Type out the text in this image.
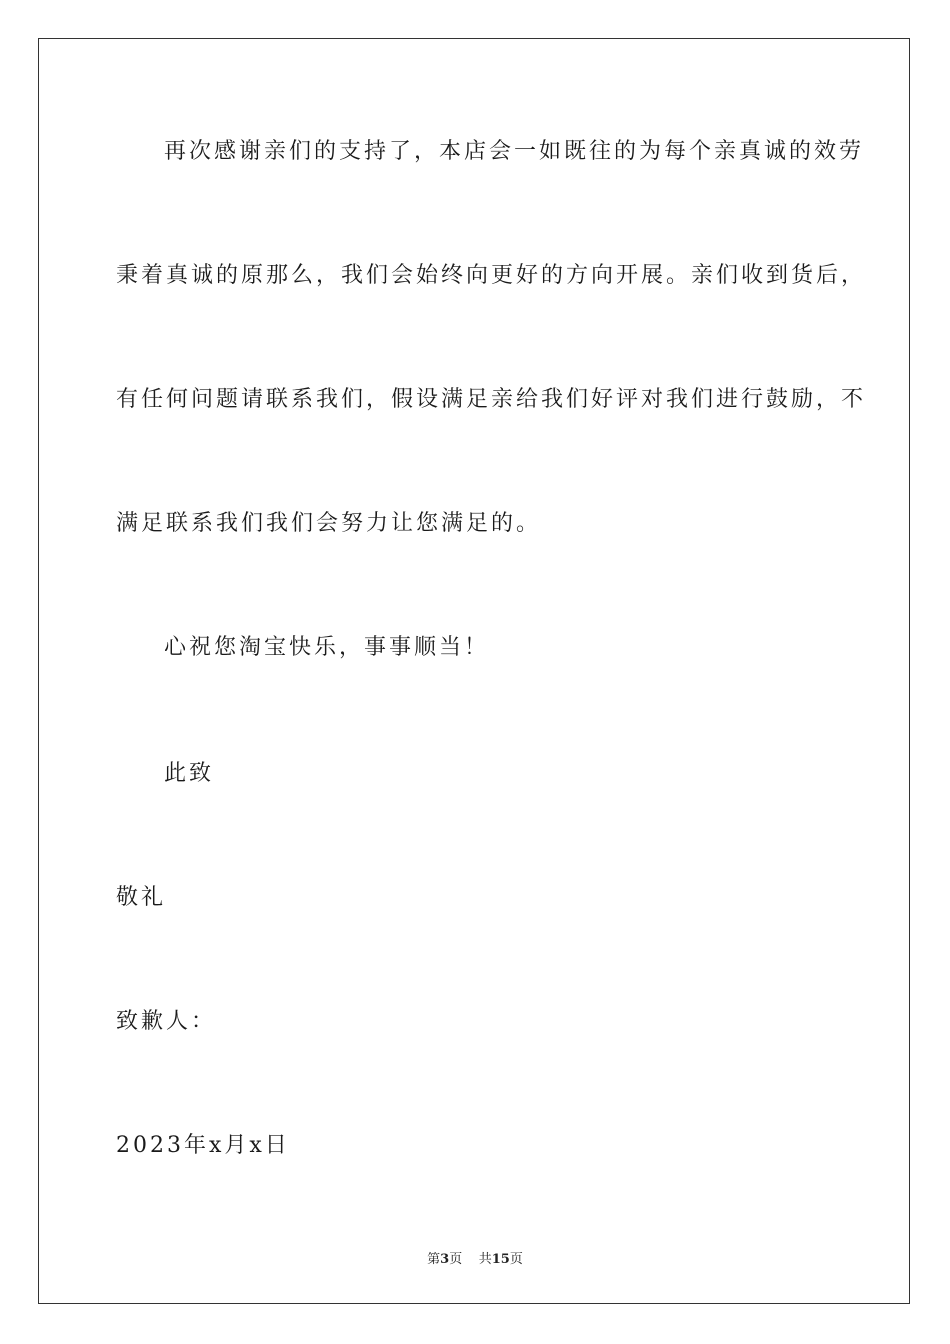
再次感谢亲们的支持了，本店会一如既往的为每个亲真诚的效劳
秉着真诚的原那么，我们会始终向更好的方向开展。亲们收到货后，
有任何问题请联系我们，假设满足亲给我们好评对我们进行鼓励，不
满足联系我们我们会努力让您满足的。
心祝您淘宝快乐，事事顺当！
此致
敬礼
致歉人：
2023年x月x日
第3页 共15页
